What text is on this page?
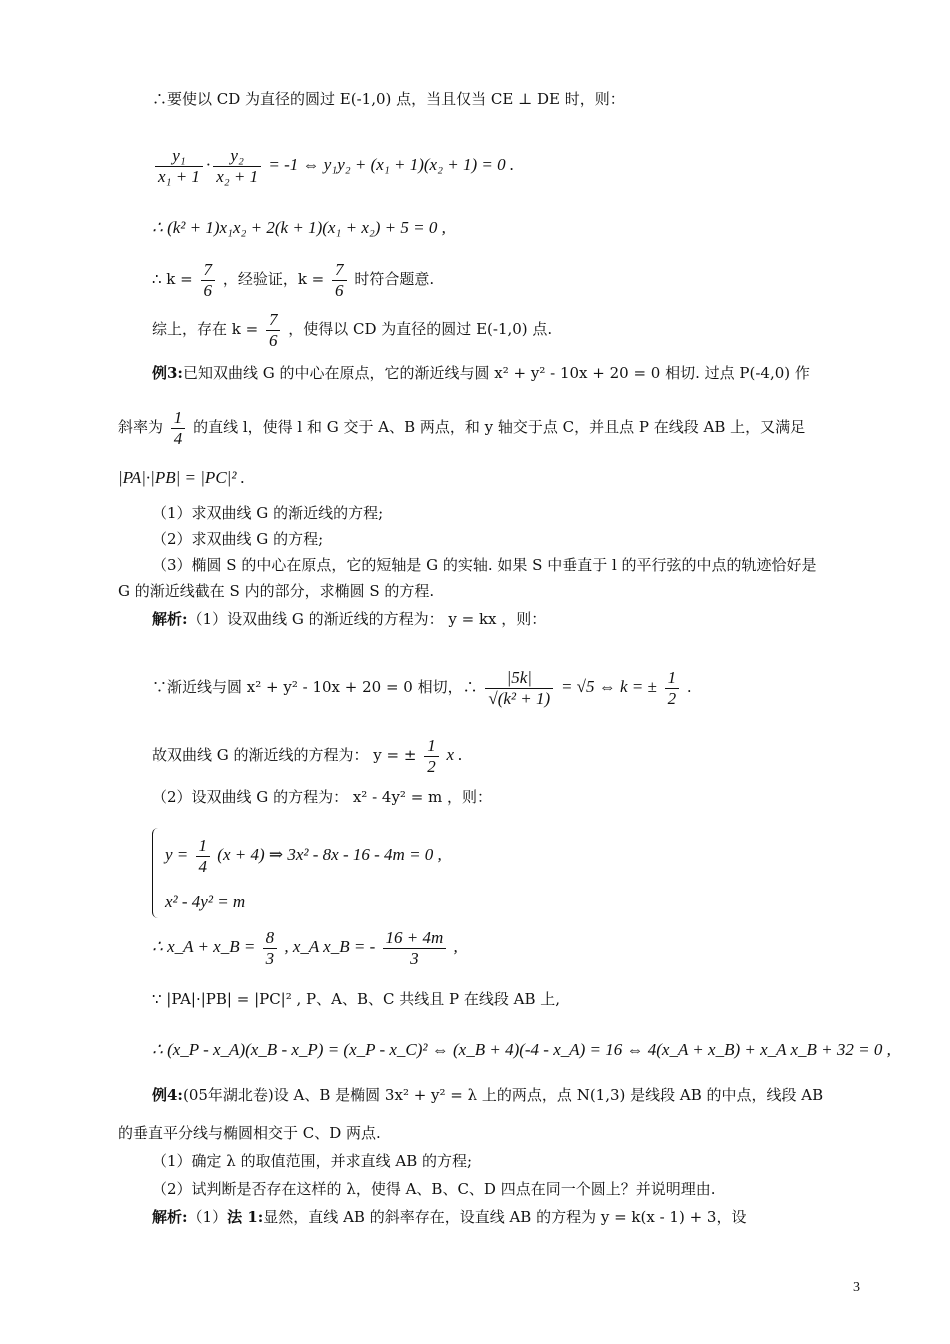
∴要使以 CD 为直径的圆过 E(-1,0) 点，当且仅当 CE ⊥ DE 时，则：
$\frac{\text{y₁}}{\text{x₁ + 1}} \cdot \frac{\text{y₂}}{\text{x₂ + 1}} = -1$ ⇔ y₁y₂ + (x₁ + 1)(x₂ + 1) = 0 .
∴ (k² + 1)x₁x₂ + 2(k + 1)(x₁ + x₂) + 5 = 0 ,
∴ $k = \frac{7}{6}$ ，经验证，$k = \frac{7}{6}$ 时符合题意.
综上，存在 $k = \frac{7}{6}$ ，使得以 CD 为直径的圆过 E(-1,0) 点.
例3:已知双曲线 G 的中心在原点，它的渐近线与圆 x² + y² - 10x + 20 = 0 相切. 过点 P(-4,0) 作
斜率为 $\frac{1}{4}$ 的直线 l，使得 l 和 G 交于 A、B 两点，和 y 轴交于点 C，并且点 P 在线段 AB 上，又满足
|PA|·|PB| = |PC|² .
（1）求双曲线 G 的渐近线的方程;
（2）求双曲线 G 的方程;
（3）椭圆 S 的中心在原点，它的短轴是 G 的实轴. 如果 S 中垂直于 l 的平行弦的中点的轨迹恰好是
G 的渐近线截在 S 内的部分，求椭圆 S 的方程.
解析:（1）设双曲线 G 的渐近线的方程为： y = kx ，则：
∵渐近线与圆 x² + y² - 10x + 20 = 0 相切，∴ $\frac{|5k|}{\text{√(k² + 1)}} = √5$ ⇔ k = ± $\frac{1}{2}$ .
故双曲线 G 的渐近线的方程为： y = ± $\frac{1}{2}$ x .
（2）设双曲线 G 的方程为： x² - 4y² = m ，则：
$y = \frac{1}{4} (x + 4)$ ⇒ 3x² - 8x - 16 - 4m = 0 ,
x² - 4y² = m
∴ x_A + x_B = $\frac{8}{3}$ , x_A x_B = - $\frac{16 + 4m}{3}$ ,
∵ |PA|·|PB| = |PC|² , P、A、B、C 共线且 P 在线段 AB 上,
∴ (x_P - x_A)(x_B - x_P) = (x_P - x_C)² ⇔ (x_B + 4)(-4 - x_A) = 16 ⇔ 4(x_A + x_B) + x_A x_B + 32 = 0 ,
例4:(05年湖北卷)设 A、B 是椭圆 3x² + y² = λ 上的两点，点 N(1,3) 是线段 AB 的中点，线段 AB
的垂直平分线与椭圆相交于 C、D 两点.
（1）确定 λ 的取值范围，并求直线 AB 的方程;
（2）试判断是否存在这样的 λ，使得 A、B、C、D 四点在同一个圆上？并说明理由.
解析:（1）法 1:显然，直线 AB 的斜率存在，设直线 AB 的方程为 y = k(x - 1) + 3，设
3
